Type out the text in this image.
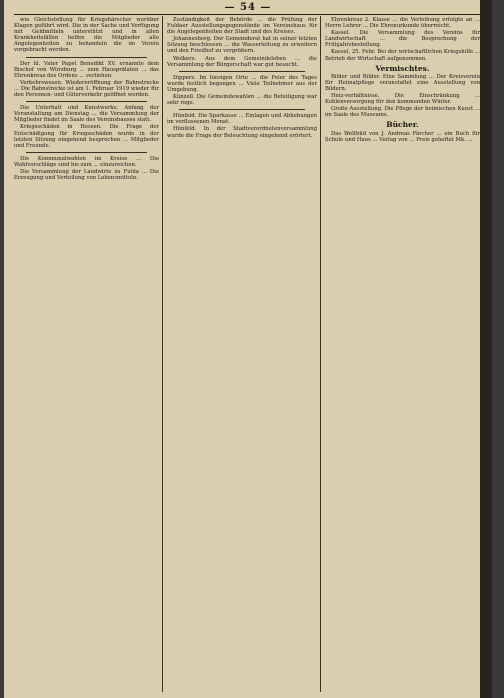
— 54 —

wie Gleichstellung für Kriegshärscher worüber Klagen geführt wird. Die in der Sache und Verfügung mit Geldmitteln unterstützt und in allen Krankheitsfällen helfen die Mitglieder alle Angelegenheiten zu behandeln die im Verein vorgebracht werden.

Der hl. Vater Papst Benedikt XV. ernannte dem Bischof von Würzburg ... zum Hausprälaten ... das Ehrenkreuz des Ordens ... verliehen.

Verkehrswesen. Wiedereröffnung der Bahnstrecke ... Die Bahnstrecke ist am 1. Februar 1919 wieder für den Personen- und Güterverkehr geöffnet worden.

Die Unterhalt und Kunstwerks; Anfang der Veranstaltung am Dienstag ... die Versammlung der Mitglieder findet im Saale des Vereinshauses statt.

Kriegsschäden in Hessen. Die Frage der Entschädigung für Kriegsschäden wurde in der letzten Sitzung eingehend besprochen ... Mitglieder und Freunde.

Die Kommunalwahlen im Kreise ... Die Wahlvorschläge sind bis zum ... einzureichen.

Die Versammlung der Landwirte zu Fulda ... Die Erzeugung und Verteilung von Lebensmitteln.

Zuständigkeit der Behörde ... die Prüfung der Fuldaer Ausstellungsgegenstände im Vereinshaus für die Angelegenheiten der Stadt und des Kreises.

Johannesberg. Der Gemeinderat hat in seiner letzten Sitzung beschlossen ... die Wasserleitung zu erweitern und den Friedhof zu vergrößern.

Welkers. Aus dem Gemeindeleben ... die Versammlung der Bürgerschaft war gut besucht.

Dipperz. Im hiesigen Orte ... die Feier des Tages wurde festlich begangen ... Viele Teilnehmer aus der Umgebung.

Künzell. Die Gemeindewahlen ... die Beteiligung war sehr rege.

Hünfeld. Die Sparkasse ... Einlagen und Abhebungen im verflossenen Monat.

Hünfeld. In der Stadtverordnetenversammlung wurde die Frage der Beleuchtung eingehend erörtert.

Ehrenkreuz 2. Klasse ... die Verleihung erfolgte an ... Herrn Lehrer ... Die Ehrenurkunde überreicht.

Kassel. Die Versammlung des Vereins für Landwirtschaft ... die Besprechung der Frühjahrsbestellung.

Kassel, 25. Febr. Bei der wirtschaftlichen Kriegshilfe ... Betrieb der Wirtschaft aufgenommen.

Vermischtes.

Bilder und Bilder. Eine Sammlung ... Der Kreisverein für Heimatpflege veranstaltet eine Ausstellung von Bildern.

Heiz-verhältnisse. Die Einschränkung ... Kohlenversorgung für den kommenden Winter.

Große Ausstellung. Die Pflege der heimischen Kunst ... im Saale des Museums.

Bücher.

Das Weltbild von J. Andreas Färcher ... ein Buch für Schule und Haus ... Verlag von ... Preis geheftet Mk. ...
